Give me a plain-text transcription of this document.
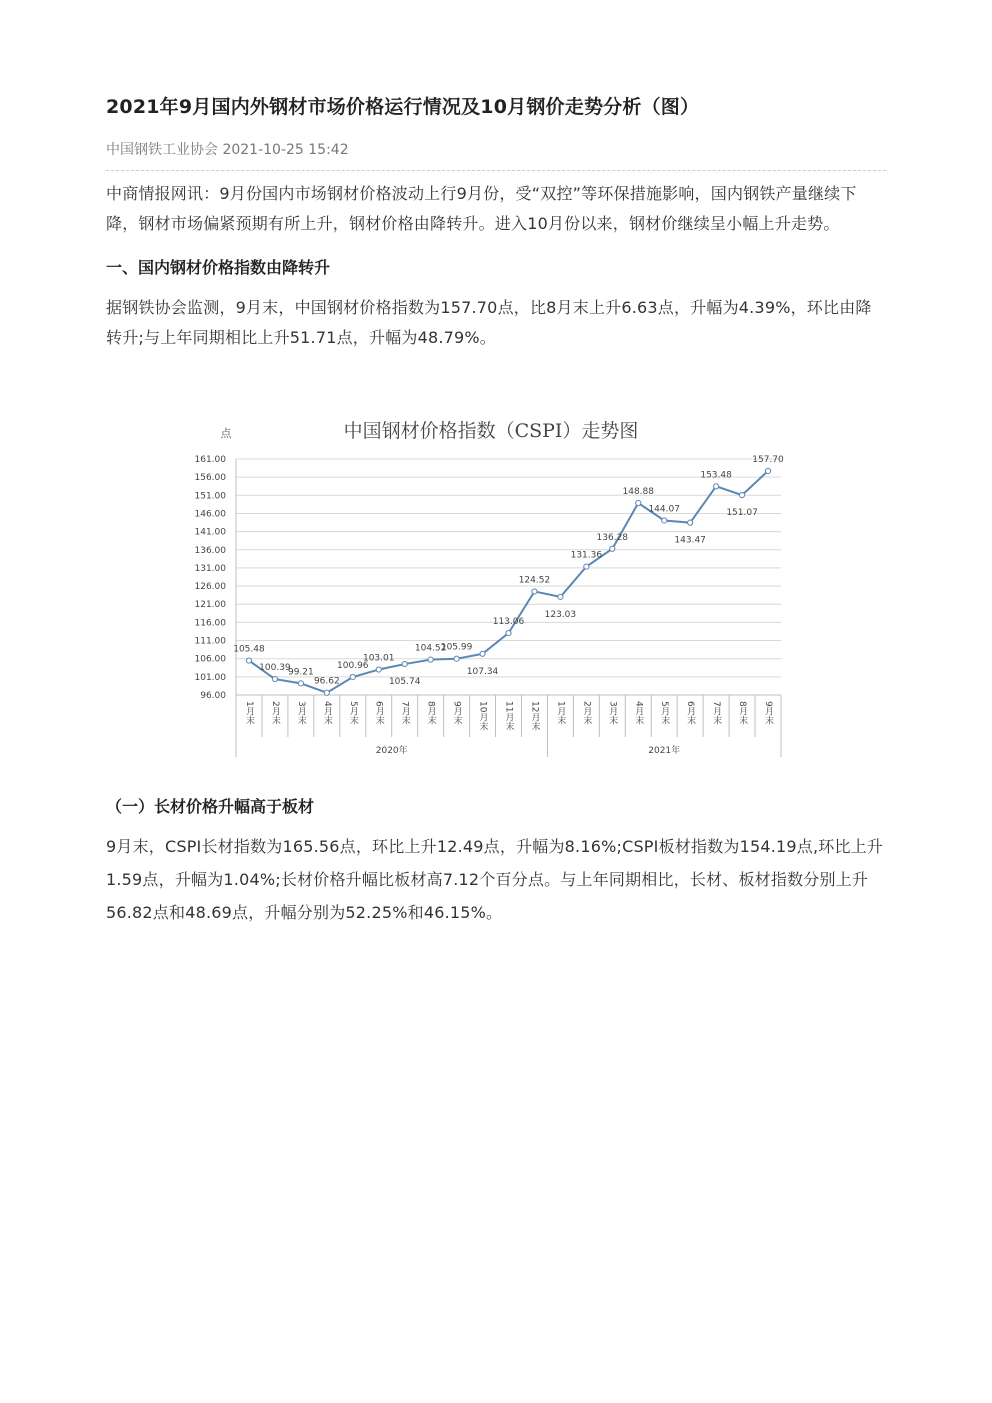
2021年9月国内外钢材市场价格运行情况及10月钢价走势分析（图）
中国钢铁工业协会 2021-10-25 15:42

中商情报网讯：9月份国内市场钢材价格波动上行9月份，受“双控”等环保措施影响，国内钢铁产量继续下降，钢材市场偏紧预期有所上升，钢材价格由降转升。进入10月份以来，钢材价继续呈小幅上升走势。

一、国内钢材价格指数由降转升

据钢铁协会监测，9月末，中国钢材价格指数为157.70点，比8月末上升6.63点，升幅为4.39%，环比由降转升;与上年同期相比上升51.71点，升幅为48.79%。

中国钢材价格指数（CSPI）走势图
点
161.00
156.00
151.00
146.00
141.00
136.00
131.00
126.00
121.00
116.00
111.00
106.00
101.00
96.00
1月末 2月末 3月末 4月末 5月末 6月末 7月末 8月末 9月末 10月末 11月末 12月末 1月末 2月末 3月末 4月末 5月末 6月末 7月末 8月末 9月末
2020年	2021年
105.48
100.39
99.21
96.62
100.96
103.01
105.74
104.52
105.99
107.34
113.06
124.52
123.03
131.36
136.28
148.88
144.07
143.47
153.48
151.07
157.70
（一）长材价格升幅高于板材

9月末，CSPI长材指数为165.56点，环比上升12.49点，升幅为8.16%;CSPI板材指数为154.19点,环比上升1.59点，升幅为1.04%;长材价格升幅比板材高7.12个百分点。与上年同期相比，长材、板材指数分别上升56.82点和48.69点，升幅分别为52.25%和46.15%。
